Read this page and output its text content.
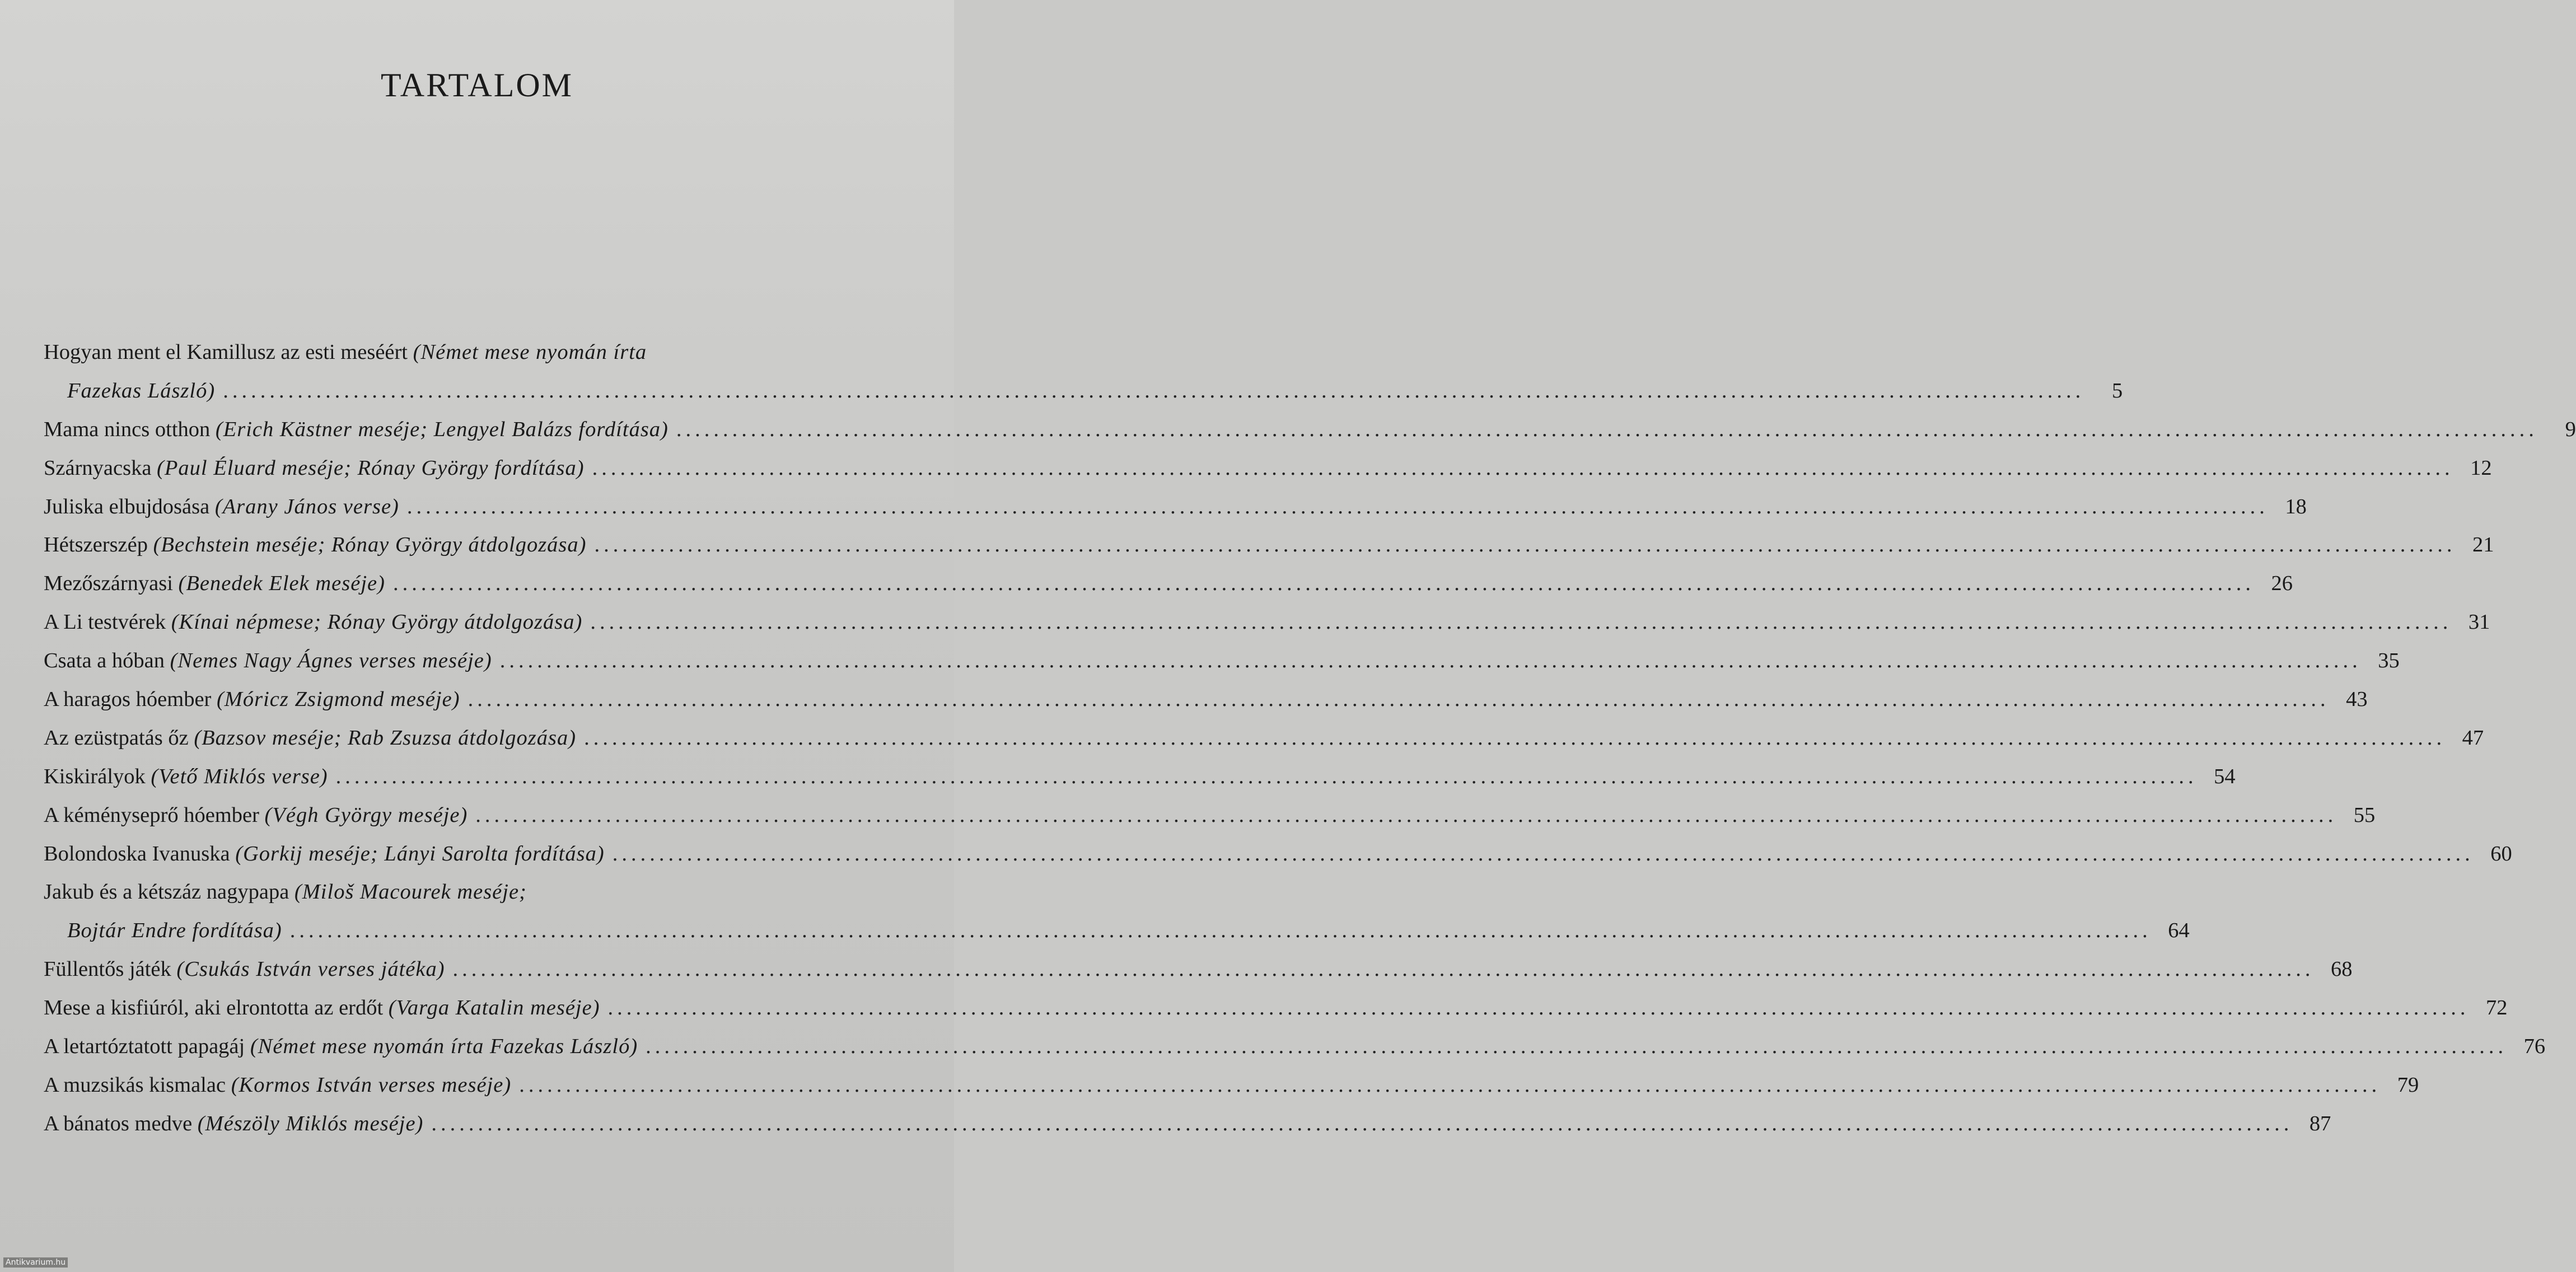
TARTALOM
Hogyan ment el Kamillusz az esti meséért
(Német mese nyomán írta
Fazekas László) ........................................................................................................................................................................................................	5
Mama nincs otthon
(Erich Kästner meséje; Lengyel Balázs fordítása) ........................................................................................................................................................................................................	9
Szárnyacska
(Paul Éluard meséje; Rónay György fordítása) ........................................................................................................................................................................................................ 12
Juliska elbujdosása
(Arany János verse) ........................................................................................................................................................................................................ 18
Hétszerszép
(Bechstein meséje; Rónay György átdolgozása) ........................................................................................................................................................................................................ 21
Mezőszárnyasi
(Benedek Elek meséje) ........................................................................................................................................................................................................ 26
A Li testvérek
(Kínai népmese; Rónay György átdolgozása) ........................................................................................................................................................................................................ 31
Csata a hóban
(Nemes Nagy Ágnes verses meséje) ........................................................................................................................................................................................................ 35
A haragos hóember
(Móricz Zsigmond meséje) ........................................................................................................................................................................................................ 43
Az ezüstpatás őz
(Bazsov meséje; Rab Zsuzsa átdolgozása) ........................................................................................................................................................................................................ 47
Kiskirályok
(Vető Miklós verse) ........................................................................................................................................................................................................ 54
A kéményseprő hóember
(Végh György meséje) ........................................................................................................................................................................................................ 55
Bolondoska Ivanuska
(Gorkij meséje; Lányi Sarolta fordítása) ........................................................................................................................................................................................................ 60
Jakub és a kétszáz nagypapa
(Miloš Macourek meséje;
Bojtár Endre fordítása) ........................................................................................................................................................................................................ 64
Füllentős játék
(Csukás István verses játéka) ........................................................................................................................................................................................................ 68
Mese a kisfiúról, aki elrontotta az erdőt
(Varga Katalin meséje) ........................................................................................................................................................................................................ 72
A letartóztatott papagáj
(Német mese nyomán írta Fazekas László) ........................................................................................................................................................................................................ 76
A muzsikás kismalac
(Kormos István verses meséje) ........................................................................................................................................................................................................ 79
A bánatos medve
(Mészöly Miklós meséje) ........................................................................................................................................................................................................ 87
Antikvarium.hu
